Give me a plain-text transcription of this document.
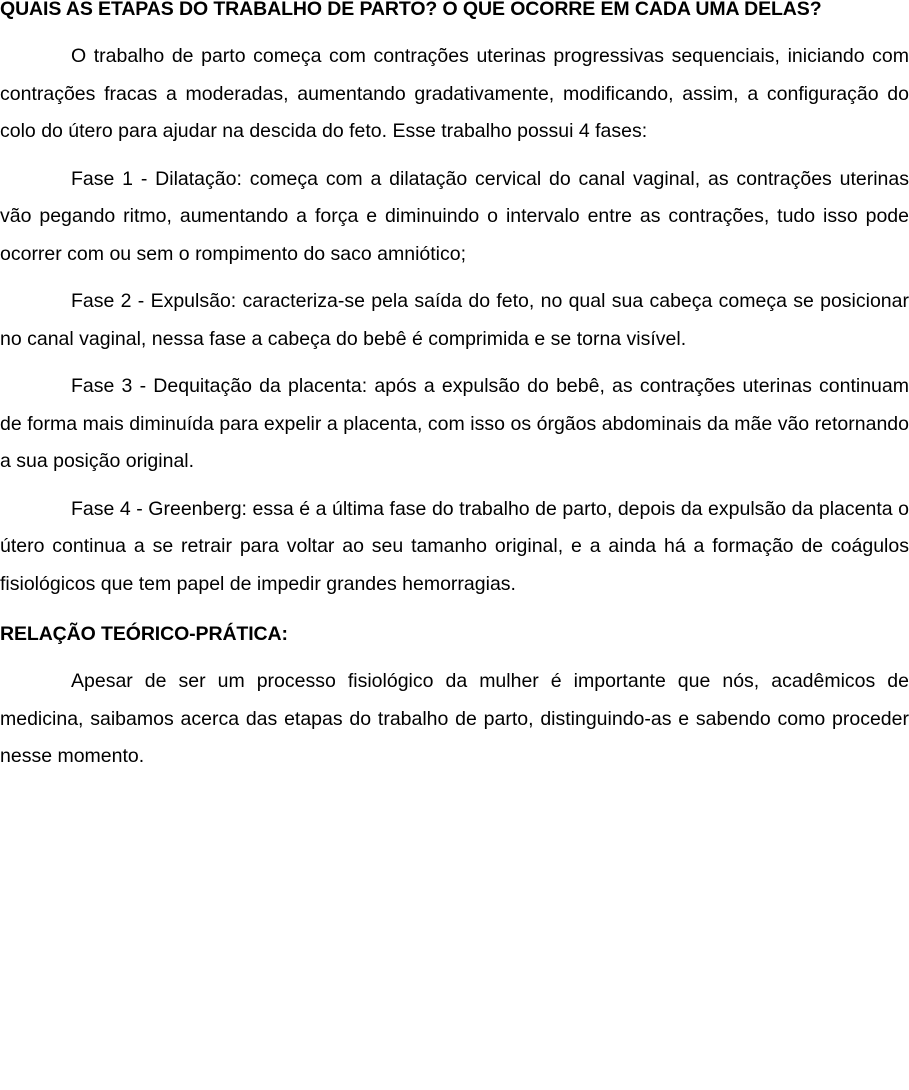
QUAIS AS ETAPAS DO TRABALHO DE PARTO? O QUE OCORRE EM CADA UMA DELAS?

O trabalho de parto começa com contrações uterinas progressivas sequenciais, iniciando com contrações fracas a moderadas, aumentando gradativamente, modificando, assim, a configuração do colo do útero para ajudar na descida do feto. Esse trabalho possui 4 fases:

Fase 1 - Dilatação: começa com a dilatação cervical do canal vaginal, as contrações uterinas vão pegando ritmo, aumentando a força e diminuindo o intervalo entre as contrações, tudo isso pode ocorrer com ou sem o rompimento do saco amniótico;

Fase 2 - Expulsão: caracteriza-se pela saída do feto, no qual sua cabeça começa se posicionar no canal vaginal, nessa fase a cabeça do bebê é comprimida e se torna visível.

Fase 3 - Dequitação da placenta: após a expulsão do bebê, as contrações uterinas continuam de forma mais diminuída para expelir a placenta, com isso os órgãos abdominais da mãe vão retornando a sua posição original.

Fase 4 - Greenberg: essa é a última fase do trabalho de parto, depois da expulsão da placenta o útero continua a se retrair para voltar ao seu tamanho original, e a ainda há a formação de coágulos fisiológicos que tem papel de impedir grandes hemorragias.

RELAÇÃO TEÓRICO-PRÁTICA:

Apesar de ser um processo fisiológico da mulher é importante que nós, acadêmicos de medicina, saibamos acerca das etapas do trabalho de parto, distinguindo-as e sabendo como proceder nesse momento.
